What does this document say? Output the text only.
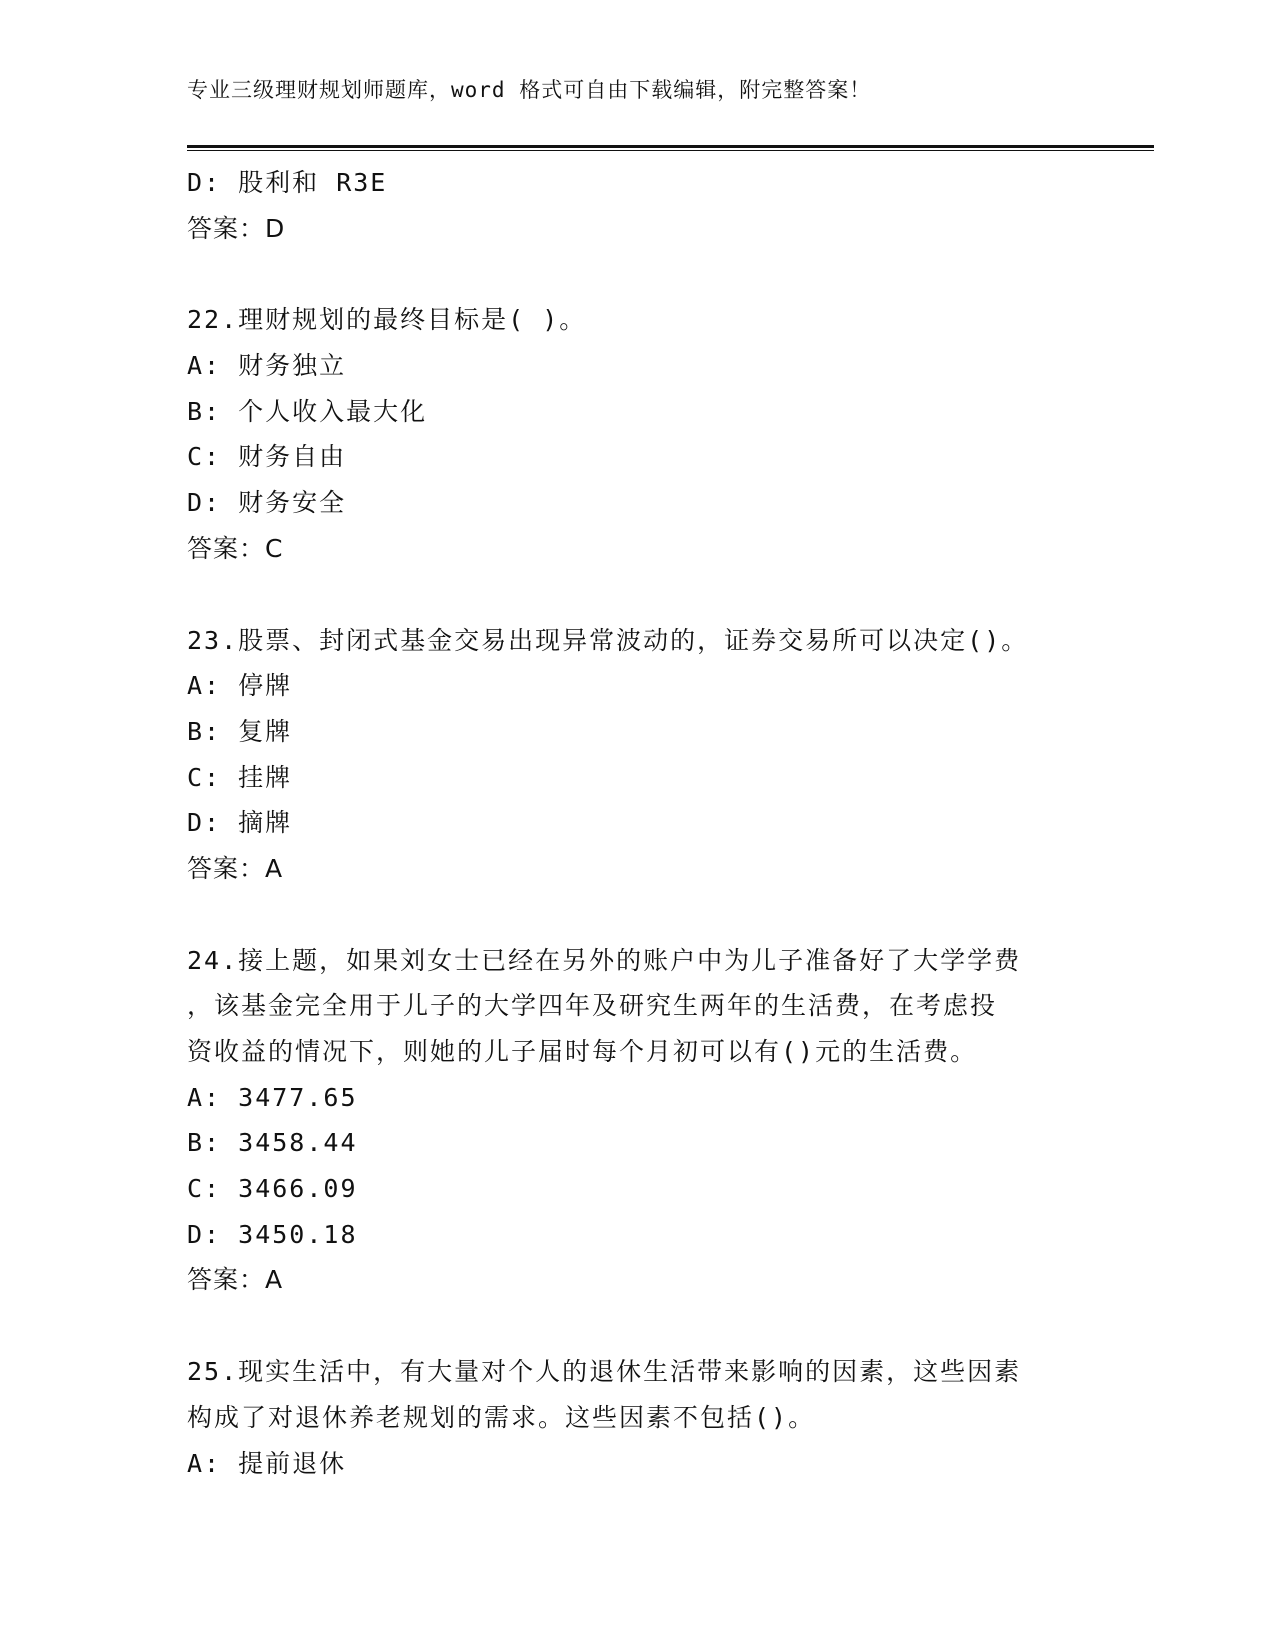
专业三级理财规划师题库，word 格式可自由下载编辑，附完整答案！
D: 股利和 R3E
答案：D
22.理财规划的最终目标是( )。
A: 财务独立
B: 个人收入最大化
C: 财务自由
D: 财务安全
答案：C
23.股票、封闭式基金交易出现异常波动的，证券交易所可以决定()。
A: 停牌
B: 复牌
C: 挂牌
D: 摘牌
答案：A
24.接上题，如果刘女士已经在另外的账户中为儿子准备好了大学学费
，该基金完全用于儿子的大学四年及研究生两年的生活费，在考虑投
资收益的情况下，则她的儿子届时每个月初可以有()元的生活费。
A: 3477.65
B: 3458.44
C: 3466.09
D: 3450.18
答案：A
25.现实生活中，有大量对个人的退休生活带来影响的因素，这些因素
构成了对退休养老规划的需求。这些因素不包括()。
A: 提前退休
